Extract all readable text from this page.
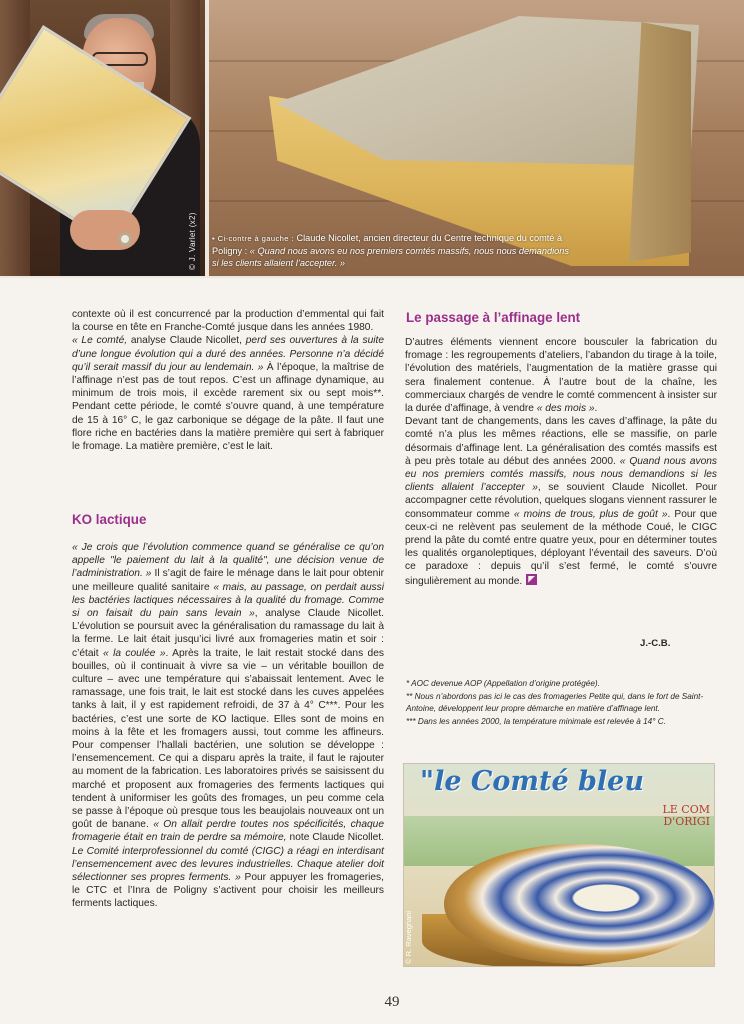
© J. Varlet (x2) • Ci-contre à gauche : Claude Nicollet, ancien directeur du Centre technique du comté à Poligny : « Quand nous avons eu nos premiers comtés massifs, nous nous demandions si les clients allaient l’accepter. »

contexte où il est concurrencé par la production d’emmental qui fait la course en tête en Franche-Comté jusque dans les années 1980.

« Le comté, analyse Claude Nicollet, perd ses ouvertures à la suite d’une longue évolution qui a duré des années. Personne n’a décidé qu’il serait massif du jour au lendemain. » À l’époque, la maîtrise de l’affinage n’est pas de tout repos. C’est un affinage dynamique, au minimum de trois mois, il excède rarement six ou sept mois**. Pendant cette période, le comté s’ouvre quand, à une température de 15 à 16° C, le gaz carbonique se dégage de la pâte. Il faut une flore riche en bactéries dans la matière première qui sert à fabriquer le fromage. La matière première, c’est le lait.

KO lactique

« Je crois que l’évolution commence quand se généralise ce qu’on appelle "le paiement du lait à la qualité", une décision venue de l’administration. » Il s’agit de faire le ménage dans le lait pour obtenir une meilleure qualité sanitaire « mais, au passage, on perdait aussi les bactéries lactiques nécessaires à la qualité du fromage. Comme si on faisait du pain sans levain », analyse Claude Nicollet. L’évolution se poursuit avec la généralisation du ramassage du lait à la ferme. Le lait était jusqu’ici livré aux fromageries matin et soir : c’était « la coulée ». Après la traite, le lait restait stocké dans des bouilles, où il continuait à vivre sa vie – un véritable bouillon de culture – avec une température qui s’abaissait lentement. Avec le ramassage, une fois trait, le lait est stocké dans les cuves appelées tanks à lait, il y est rapidement refroidi, de 37 à 4° C***. Pour les bactéries, c’est une sorte de KO lactique. Elles sont de moins en moins à la fête et les fromagers aussi, tout comme les affineurs. Pour compenser l’hallali bactérien, une solution se développe : l’ensemencement. Ce qui a disparu après la traite, il faut le rajouter au moment de la fabrication. Les laboratoires privés se saisissent du marché et proposent aux fromageries des ferments lactiques qui tendent à uniformiser les goûts des fromages, un peu comme cela se passe à l’époque où presque tous les beaujolais nouveaux ont un goût de banane. « On allait perdre toutes nos spécificités, chaque fromagerie était en train de perdre sa mémoire, note Claude Nicollet. Le Comité interprofessionnel du comté (CIGC) a réagi en interdisant l’ensemencement avec des levures industrielles. Chaque atelier doit sélectionner ses propres ferments. » Pour appuyer les fromageries, le CTC et l’Inra de Poligny s’activent pour choisir les meilleurs ferments lactiques.

Le passage à l’affinage lent

D’autres éléments viennent encore bousculer la fabrication du fromage : les regroupements d’ateliers, l’abandon du tirage à la toile, l’évolution des matériels, l’augmentation de la matière grasse qui sera finalement contenue. À l’autre bout de la chaîne, les commerciaux chargés de vendre le comté commencent à insister sur la durée d’affinage, à vendre « des mois ».

Devant tant de changements, dans les caves d’affinage, la pâte du comté n’a plus les mêmes réactions, elle se massifie, on parle désormais d’affinage lent. La généralisation des comtés massifs est à peu près totale au début des années 2000. « Quand nous avons eu nos premiers comtés massifs, nous nous demandions si les clients allaient l’accepter », se souvient Claude Nicollet. Pour accompagner cette révolution, quelques slogans viennent rassurer le consommateur comme « moins de trous, plus de goût ». Pour que ceux-ci ne relèvent pas seulement de la méthode Coué, le CIGC prend la pâte du comté entre quatre yeux, pour en déterminer toutes les qualités organoleptiques, déployant l’éventail des saveurs. D’où ce paradoxe : depuis qu’il s’est fermé, le comté s’ouvre singulièrement au monde.

J.-C.B.
* AOC devenue AOP (Appellation d’origine protégée).
** Nous n’abordons pas ici le cas des fromageries Petite qui, dans le fort de Saint-Antoine, développent leur propre démarche en matière d’affinage lent.
*** Dans les années 2000, la température minimale est relevée à 14° C.
"le Comté bleu
LE COM
D'ORIGI
© R. Ravegnani
49
